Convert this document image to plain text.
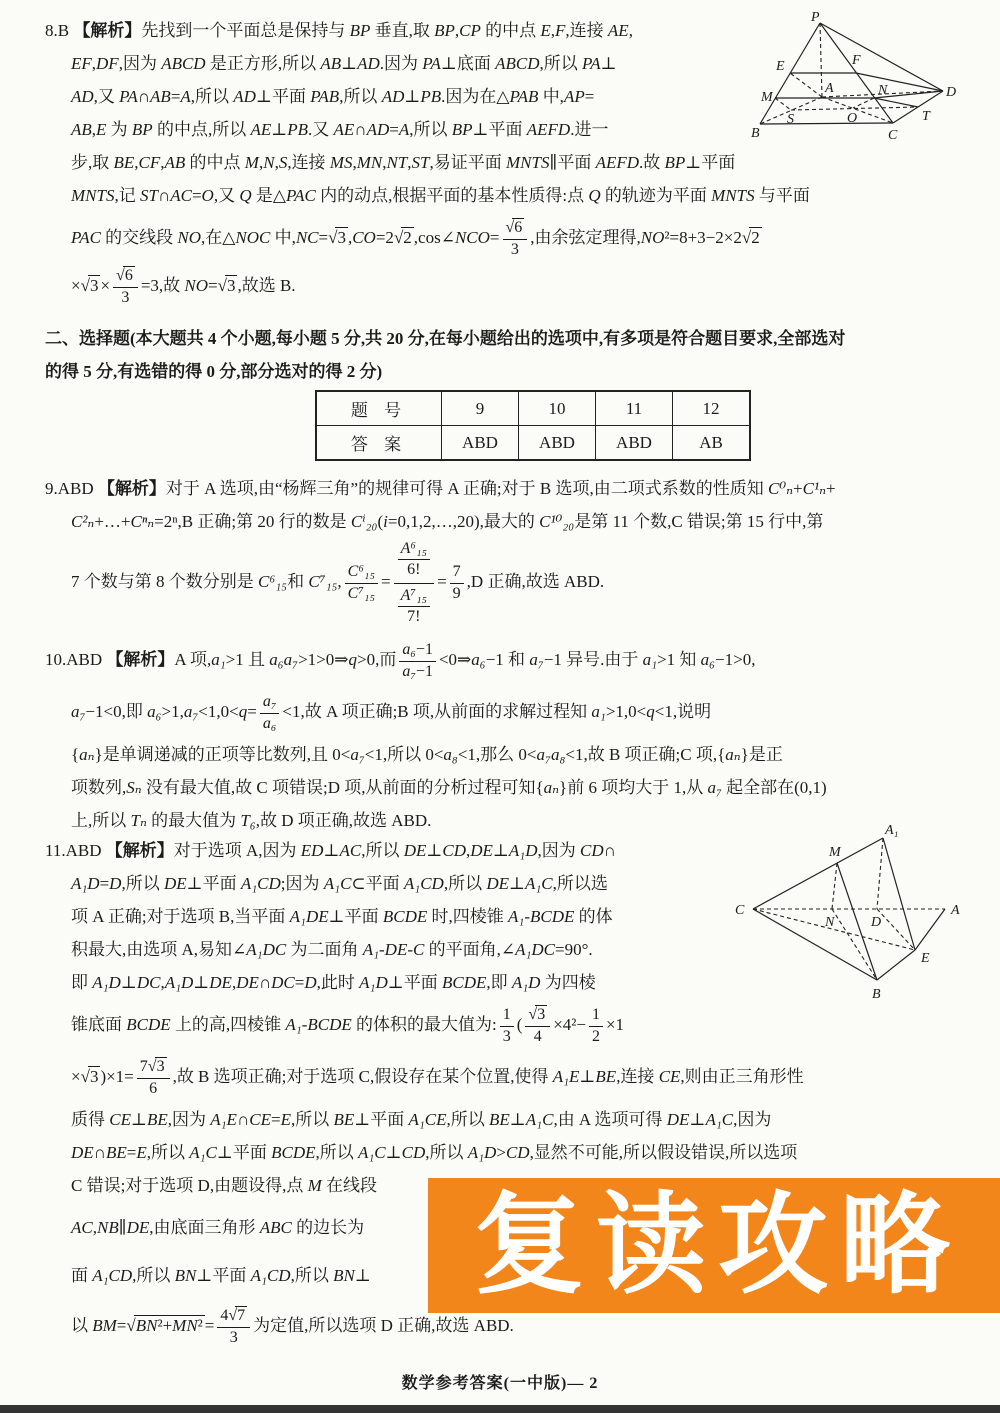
8.B 【解析】先找到一个平面总是保持与 BP 垂直,取 BP,CP 的中点 E,F,连接 AE,
EF,DF,因为 ABCD 是正方形,所以 AB⊥AD.因为 PA⊥底面 ABCD,所以 PA⊥
AD,又 PA∩AB=A,所以 AD⊥平面 PAB,所以 AD⊥PB.因为在△PAB 中,AP=
AB,E 为 BP 的中点,所以 AE⊥PB.又 AE∩AD=A,所以 BP⊥平面 AEFD.进一
步,取 BE,CF,AB 的中点 M,N,S,连接 MS,MN,NT,ST,易证平面 MNTS∥平面 AEFD.故 BP⊥平面
MNTS,记 ST∩AC=O,又 Q 是△PAC 内的动点,根据平面的基本性质得:点 Q 的轨迹为平面 MNTS 与平面
PAC 的交线段 NO,在△NOC 中,NC=√3 ,CO=2√2 ,cos∠NCO= $\frac{√6}{3}$ ,由余弦定理得,NO²=8+3−2×2√2
$\times√3 \times \frac{√6}{3} =3$,故 NO=√3 ,故选 B.
P
E	F
A
M	N	D
S	O	T
B	C
二、选择题(本大题共 4 个小题,每小题 5 分,共 20 分,在每小题给出的选项中,有多项是符合题目要求,全部选对
的得 5 分,有选错的得 0 分,部分选对的得 2 分)
题 号	9	10	11	12
答 案	ABD	ABD	ABD	AB
9.ABD 【解析】对于 A 选项,由“杨辉三角”的规律可得 A 正确;对于 B 选项,由二项式系数的性质知 C⁰ₙ+C¹ₙ+
C²ₙ+…+Cⁿₙ=2ⁿ,B 正确;第 20 行的数是 Cⁱ₂₀(i=0,1,2,…,20),最大的 C¹⁰₂₀是第 11 个数,C 错误;第 15 行中,第
7 个数与第 8 个数分别是 C⁶₁₅和 C⁷₁₅, $\frac{\text{C⁶₁₅}}{\text{C⁷₁₅}} = \frac{\frac{\text{A⁶₁₅}}{6!}}{\frac{\text{A⁷₁₅}}{7!}} = \frac{7}{9} ,D$ 正确,故选 ABD.
10.ABD 【解析】A 项,a₁>1 且 a₆a₇>1>0⇒q>0,而 $\frac{\text{a₆−1}}{\text{a₇−1}}$ <0⇒a₆−1 和 a₇−1 异号.由于 a₁>1 知 a₆−1>0,
a₇−1<0,即 $a_6>1,a_7<1,0<q= \frac{\text{a₇}}{\text{a₆}} <1$,故 A 项正确;B 项,从前面的求解过程知 a₁>1,0<q<1,说明
{aₙ}是单调递减的正项等比数列,且 0<a₇<1,所以 0<a₈<1,那么 0<a₇a₈<1,故 B 项正确;C 项,{aₙ}是正
项数列,Sₙ 没有最大值,故 C 项错误;D 项,从前面的分析过程可知{aₙ}前 6 项均大于 1,从 a₇ 起全部在(0,1)
上,所以 Tₙ 的最大值为 T₆,故 D 项正确,故选 ABD.
11.ABD 【解析】对于选项 A,因为 ED⊥AC,所以 DE⊥CD,DE⊥A₁D,因为 CD∩
A₁D=D,所以 DE⊥平面 A₁CD;因为 A₁C⊂平面 A₁CD,所以 DE⊥A₁C,所以选
项 A 正确;对于选项 B,当平面 A₁DE⊥平面 BCDE 时,四棱锥 A₁-BCDE 的体
积最大,由选项 A,易知∠A₁DC 为二面角 A₁-DE-C 的平面角,∠A₁DC=90°.
即 A₁D⊥DC,A₁D⊥DE,DE∩DC=D,此时 A₁D⊥平面 BCDE,即 A₁D 为四棱
锥底面 BCDE 上的高,四棱锥 A₁-BCDE 的体积的最大值为: $\frac{1}{3}$ ( $\frac{√3}{4} \times 4^2- \frac{1}{2} \times 1$
×√3 )$\times 1= \frac{7√3}{6}$ ,故 B 选项正确;对于选项 C,假设存在某个位置,使得 A₁E⊥BE,连接 CE,则由正三角形性
质得 CE⊥BE,因为 A₁E∩CE=E,所以 BE⊥平面 A₁CE,所以 BE⊥A₁C,由 A 选项可得 DE⊥A₁C,因为
DE∩BE=E,所以 A₁C⊥平面 BCDE,所以 A₁C⊥CD,所以 A₁D>CD,显然不可能,所以假设错误,所以选项
C 错误;对于选项 D,由题设得,点 M 在线段
AC,NB∥DE,由底面三角形 ABC 的边长为
面 A₁CD,所以 BN⊥平面 A₁CD,所以 BN⊥
以 $BM=√BN^2+MN^2 = \frac{4√7}{3}$ 为定值,所以选项 D 正确,故选 ABD.
A₁
M
C	A
N	D
E
B
复读攻略
数学参考答案(一中版)— 2
